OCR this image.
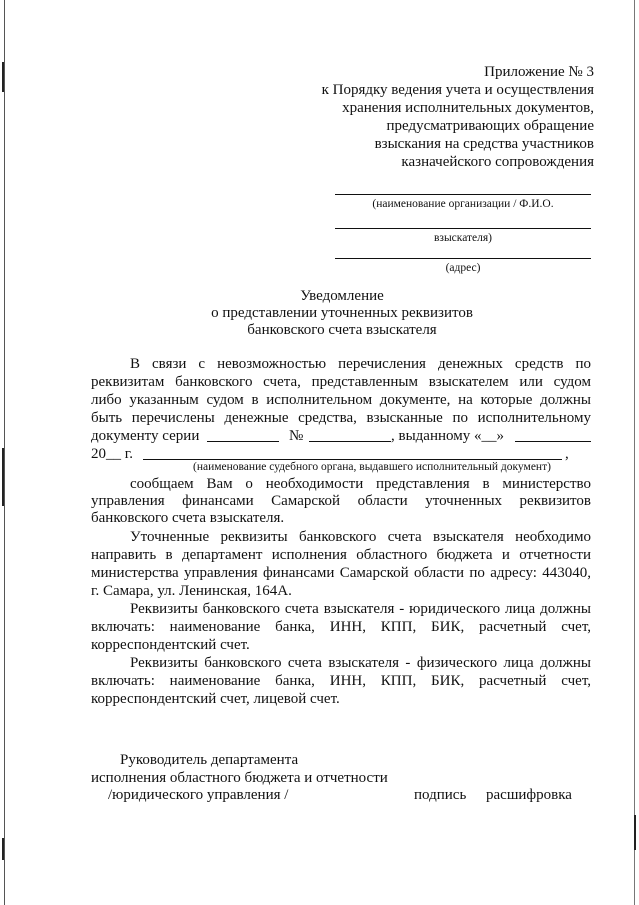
Приложение № 3
к Порядку ведения учета и осуществления
хранения исполнительных документов,
предусматривающих обращение
взыскания на средства участников
казначейского сопровождения
(наименование организации / Ф.И.О.
взыскателя)
(адрес)
Уведомление
о представлении уточненных реквизитов
банковского счета взыскателя
В связи с невозможностью перечисления денежных средств по
реквизитам банковского счета, представленным взыскателем или судом
либо указанным судом в исполнительном документе, на которые должны
быть перечислены денежные средства, взысканные по исполнительному
документу серии	№	, выданному «__»
20__ г.	,
(наименование судебного органа, выдавшего исполнительный документ)
сообщаем Вам о необходимости представления в министерство
управления финансами Самарской области уточненных реквизитов
банковского счета взыскателя.
Уточненные реквизиты банковского счета взыскателя необходимо
направить в департамент исполнения областного бюджета и отчетности
министерства управления финансами Самарской области по адресу: 443040,
г. Самара, ул. Ленинская, 164А.
Реквизиты банковского счета взыскателя - юридического лица должны
включать: наименование банка, ИНН, КПП, БИК, расчетный счет,
корреспондентский счет.
Реквизиты банковского счета взыскателя - физического лица должны
включать: наименование банка, ИНН, КПП, БИК, расчетный счет,
корреспондентский счет, лицевой счет.
Руководитель департамента
исполнения областного бюджета и отчетности
/юридического управления /	подпись расшифровка
